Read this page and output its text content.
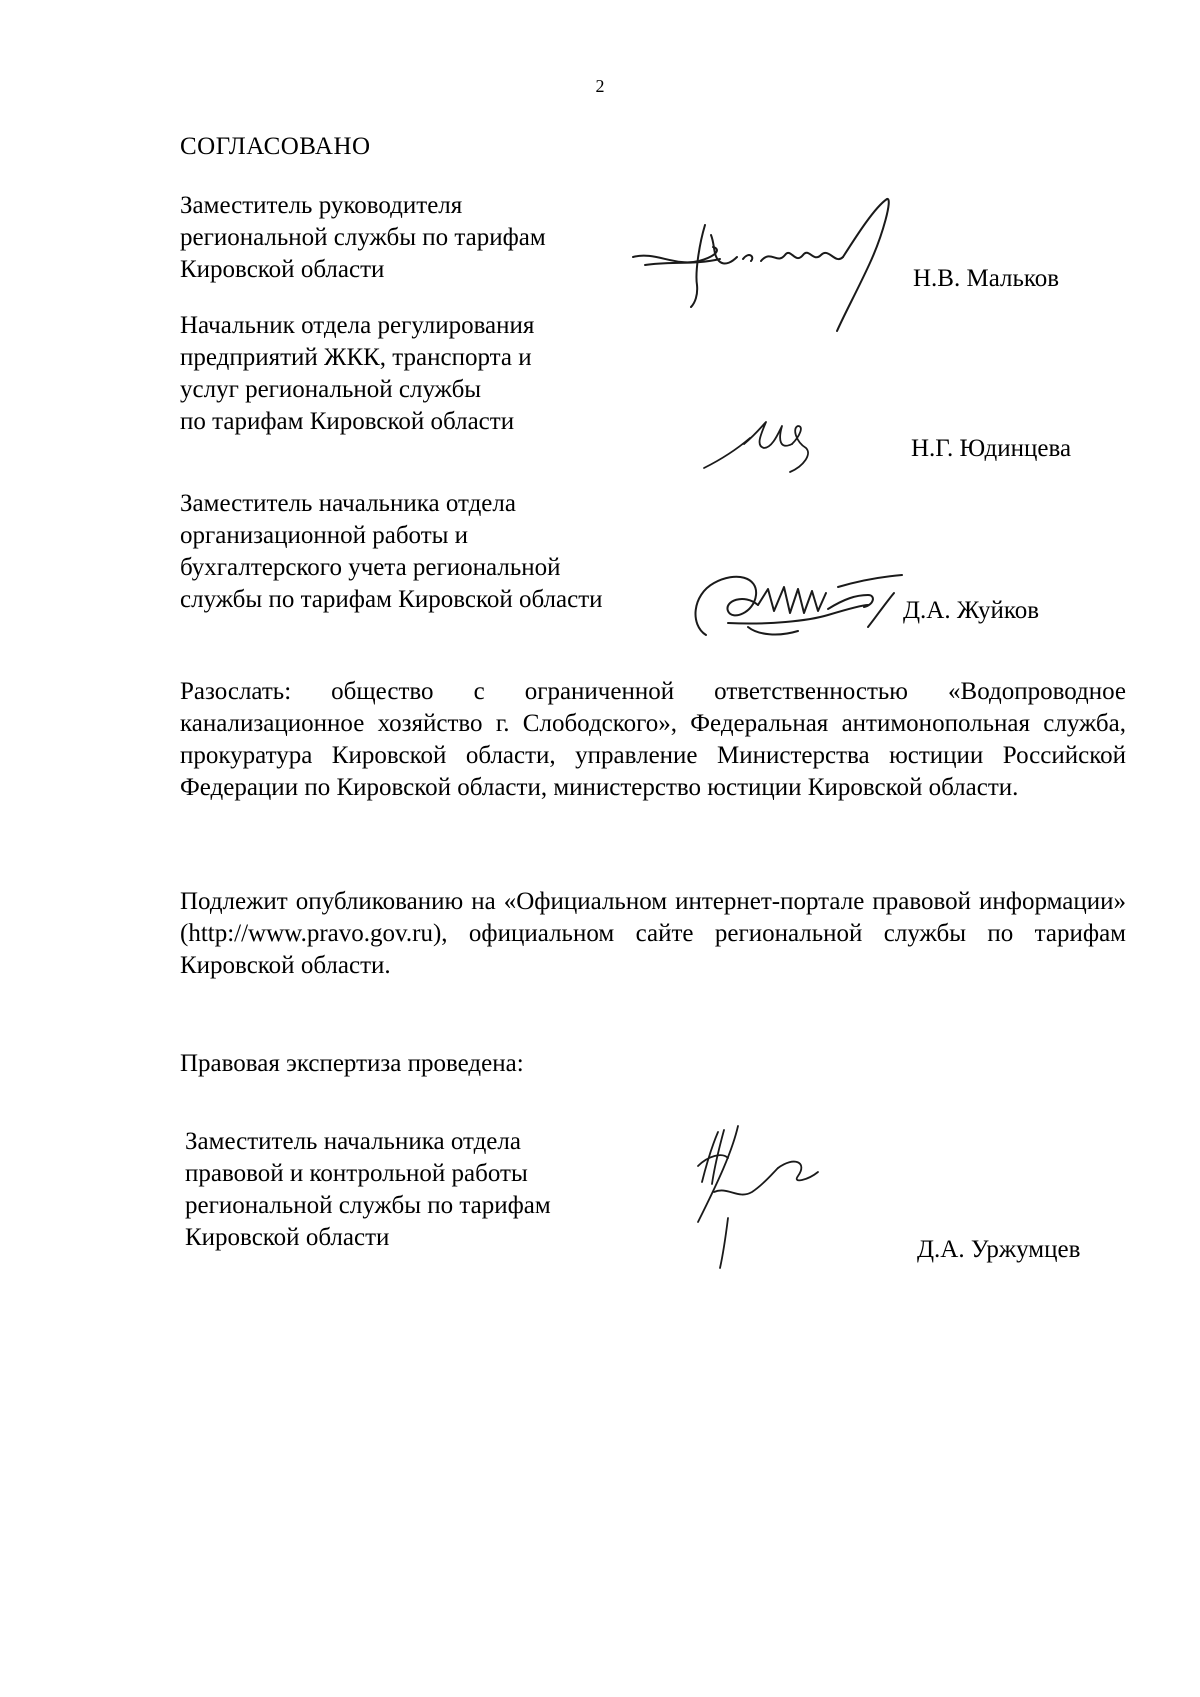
2
СОГЛАСОВАНО
Заместитель руководителя
региональной службы по тарифам
Кировской области	Н.В. Мальков
Начальник отдела регулирования
предприятий ЖКК, транспорта и
услуг региональной службы
по тарифам Кировской области
Н.Г. Юдинцева
Заместитель начальника отдела
организационной работы и
бухгалтерского учета региональной
службы по тарифам Кировской области	Д.А. Жуйков
Разослать: общество с ограниченной ответственностью «Водопроводное канализационное хозяйство г. Слободского», Федеральная антимонопольная служба, прокуратура Кировской области, управление Министерства юстиции Российской Федерации по Кировской области, министерство юстиции Кировской области.
Подлежит опубликованию на «Официальном интернет-портале правовой информации» (http://www.pravo.gov.ru), официальном сайте региональной службы по тарифам Кировской области.
Правовая экспертиза проведена:
Заместитель начальника отдела
правовой и контрольной работы
региональной службы по тарифам
Кировской области	Д.А. Уржумцев
